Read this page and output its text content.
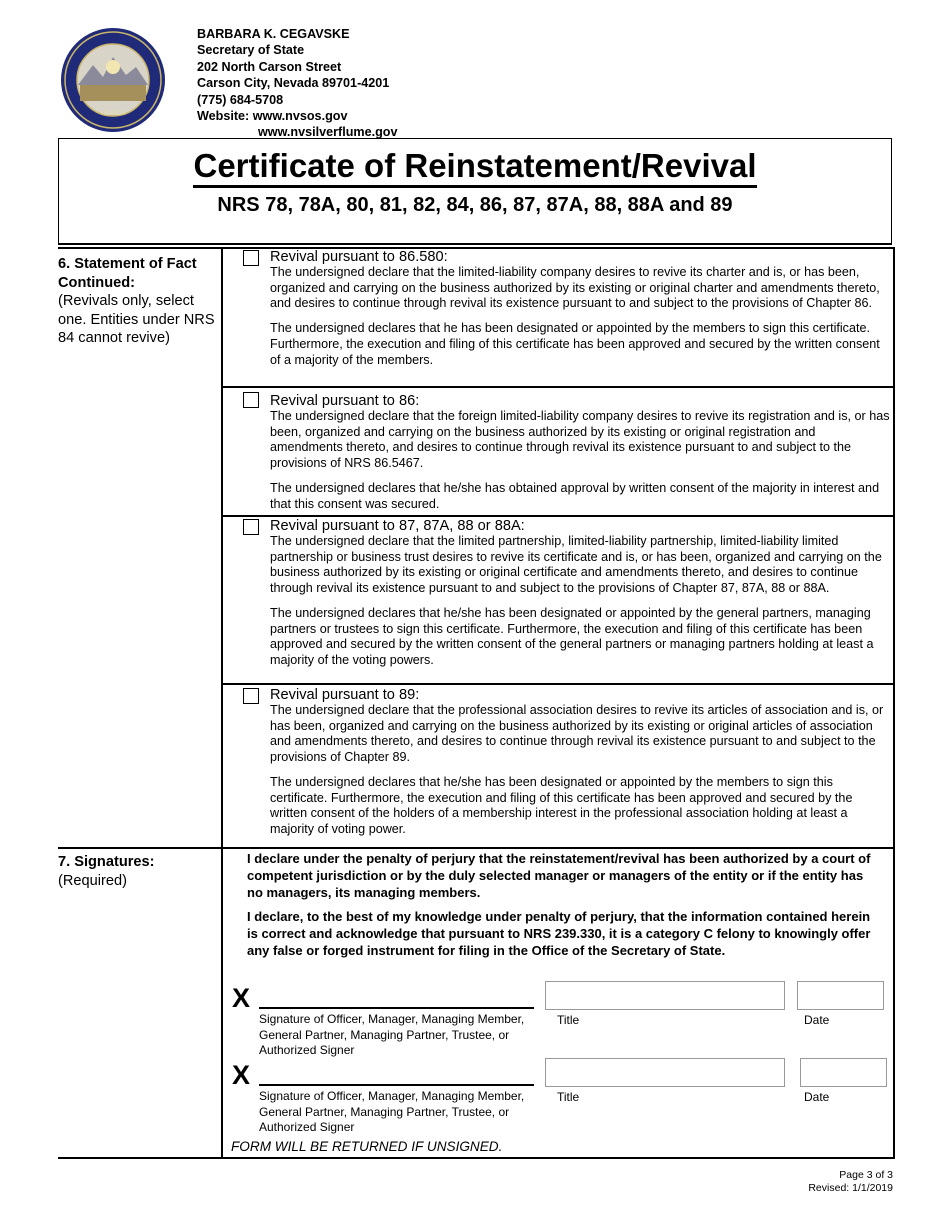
NEVADA
BARBARA K. CEGAVSKE
Secretary of State
202 North Carson Street
Carson City, Nevada 89701-4201
(775) 684-5708
Website: www.nvsos.gov
www.nvsilverflume.gov
Certificate of Reinstatement/Revival
NRS 78, 78A, 80, 81, 82, 84, 86, 87, 87A, 88, 88A and 89
6. Statement of Fact Continued:
(Revivals only, select one. Entities under NRS 84 cannot revive)
Revival pursuant to 86.580:

The undersigned declare that the limited-liability company desires to revive its charter and is, or has been, organized and carrying on the business authorized by its existing or original charter and amendments thereto, and desires to continue through revival its existence pursuant to and subject to the provisions of Chapter 86.

The undersigned declares that he has been designated or appointed by the members to sign this certificate. Furthermore, the execution and filing of this certificate has been approved and secured by the written consent of a majority of the members.

Revival pursuant to 86:

The undersigned declare that the foreign limited-liability company desires to revive its registration and is, or has been, organized and carrying on the business authorized by its existing or original registration and amendments thereto, and desires to continue through revival its existence pursuant to and subject to the provisions of NRS 86.5467.

The undersigned declares that he/she has obtained approval by written consent of the majority in interest and that this consent was secured.

Revival pursuant to 87, 87A, 88 or 88A:

The undersigned declare that the limited partnership, limited-liability partnership, limited-liability limited partnership or business trust desires to revive its certificate and is, or has been, organized and carrying on the business authorized by its existing or original certificate and amendments thereto, and desires to continue through revival its existence pursuant to and subject to the provisions of Chapter 87, 87A, 88 or 88A.

The undersigned declares that he/she has been designated or appointed by the general partners, managing partners or trustees to sign this certificate. Furthermore, the execution and filing of this certificate has been approved and secured by the written consent of the general partners or managing partners holding at least a majority of the voting powers.

Revival pursuant to 89:

The undersigned declare that the professional association desires to revive its articles of association and is, or has been, organized and carrying on the business authorized by its existing or original articles of association and amendments thereto, and desires to continue through revival its existence pursuant to and subject to the provisions of Chapter 89.

The undersigned declares that he/she has been designated or appointed by the members to sign this certificate. Furthermore, the execution and filing of this certificate has been approved and secured by the written consent of the holders of a membership interest in the professional association holding at least a majority of voting power.

7. Signatures:
(Required)
I declare under the penalty of perjury that the reinstatement/revival has been authorized by a court of competent jurisdiction or by the duly selected manager or managers of the entity or if the entity has no managers, its managing members.
I declare, to the best of my knowledge under penalty of perjury, that the information contained herein is correct and acknowledge that pursuant to NRS 239.330, it is a category C felony to knowingly offer any false or forged instrument for filing in the Office of the Secretary of State.
X
Signature of Officer, Manager, Managing Member, General Partner, Managing Partner, Trustee, or Authorized Signer
Title	Date
X
Signature of Officer, Manager, Managing Member, General Partner, Managing Partner, Trustee, or Authorized Signer
Title	Date
FORM WILL BE RETURNED IF UNSIGNED.
Page 3 of 3
Revised: 1/1/2019
